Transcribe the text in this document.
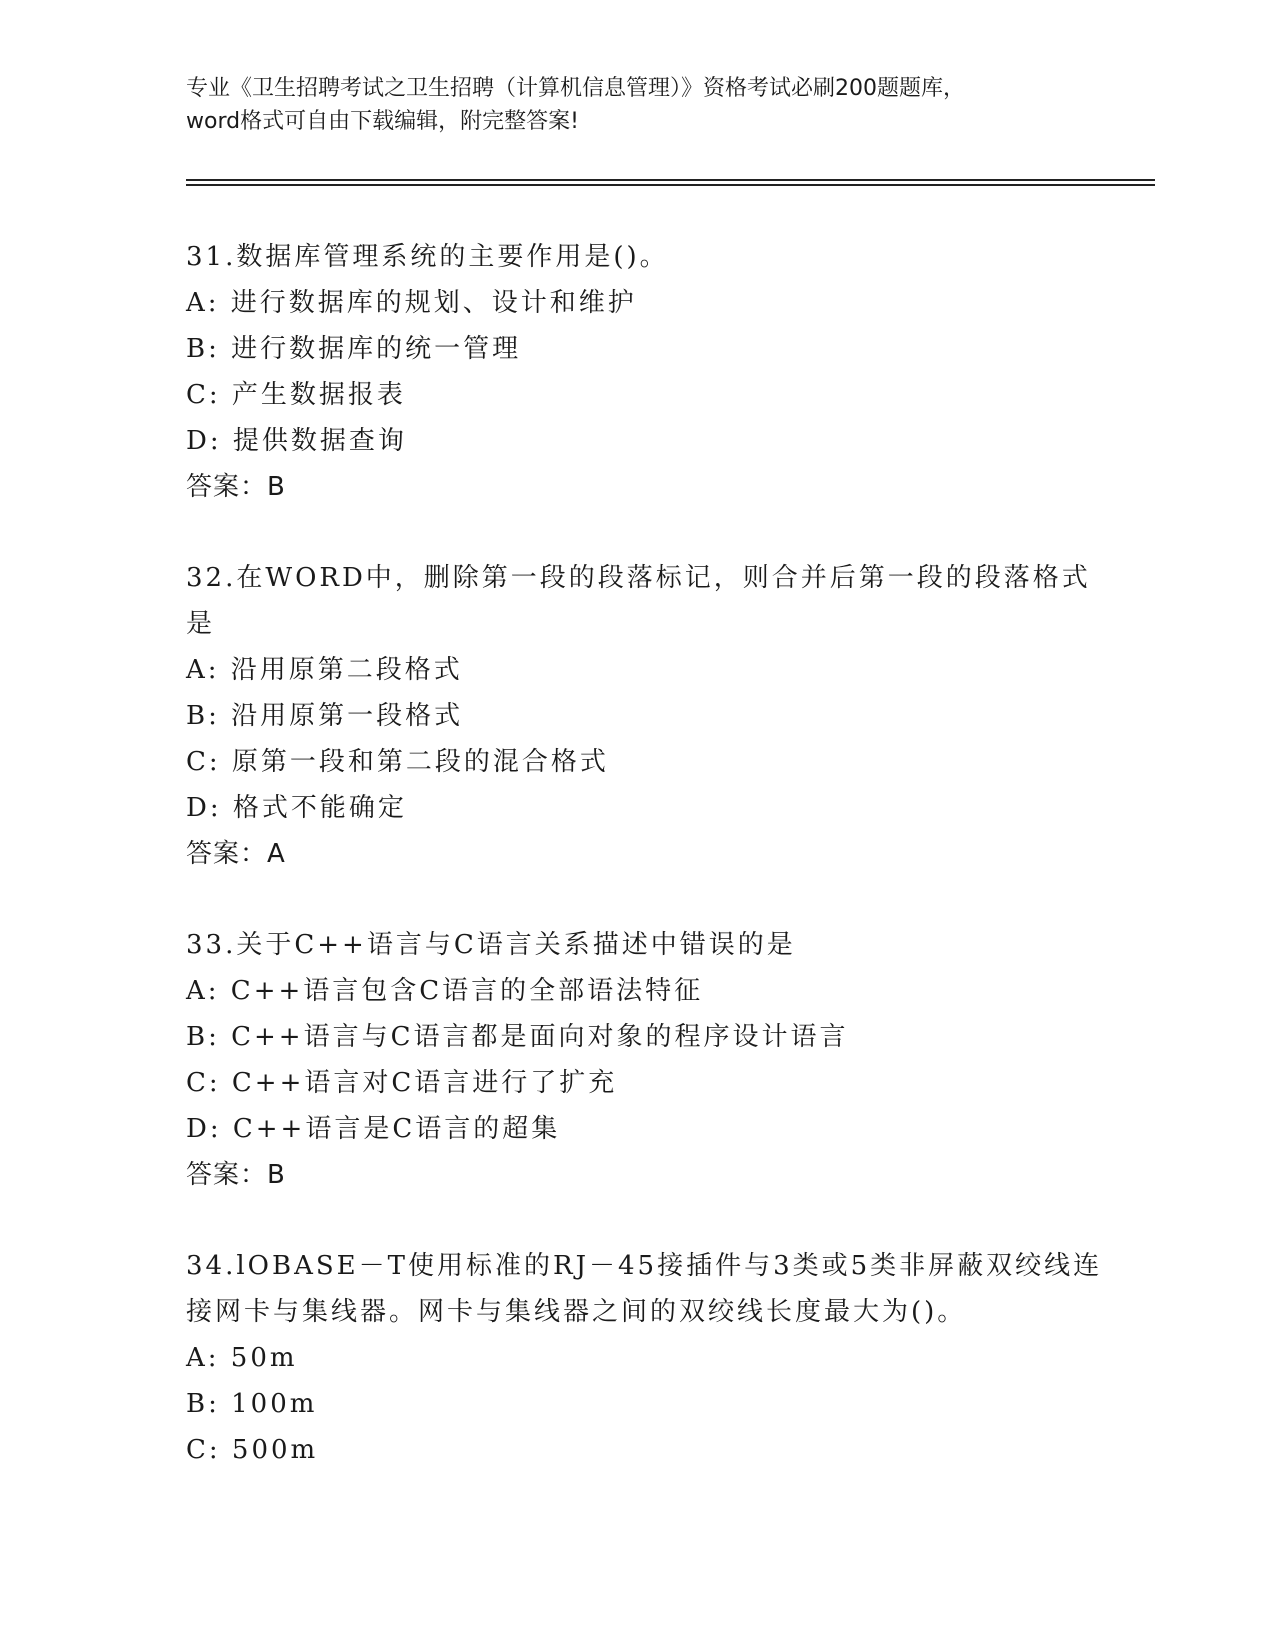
专业《卫生招聘考试之卫生招聘（计算机信息管理）》资格考试必刷200题题库，
word格式可自由下载编辑，附完整答案!
31.数据库管理系统的主要作用是()。
A: 进行数据库的规划、设计和维护
B: 进行数据库的统一管理
C: 产生数据报表
D: 提供数据查询
答案：B
32.在WORD中，删除第一段的段落标记，则合并后第一段的段落格式
是
A: 沿用原第二段格式
B: 沿用原第一段格式
C: 原第一段和第二段的混合格式
D: 格式不能确定
答案：A
33.关于C++语言与C语言关系描述中错误的是
A: C++语言包含C语言的全部语法特征
B: C++语言与C语言都是面向对象的程序设计语言
C: C++语言对C语言进行了扩充
D: C++语言是C语言的超集
答案：B
34.lOBASE－T使用标准的RJ－45接插件与3类或5类非屏蔽双绞线连
接网卡与集线器。网卡与集线器之间的双绞线长度最大为()。
A: 50m
B: 100m
C: 500m
